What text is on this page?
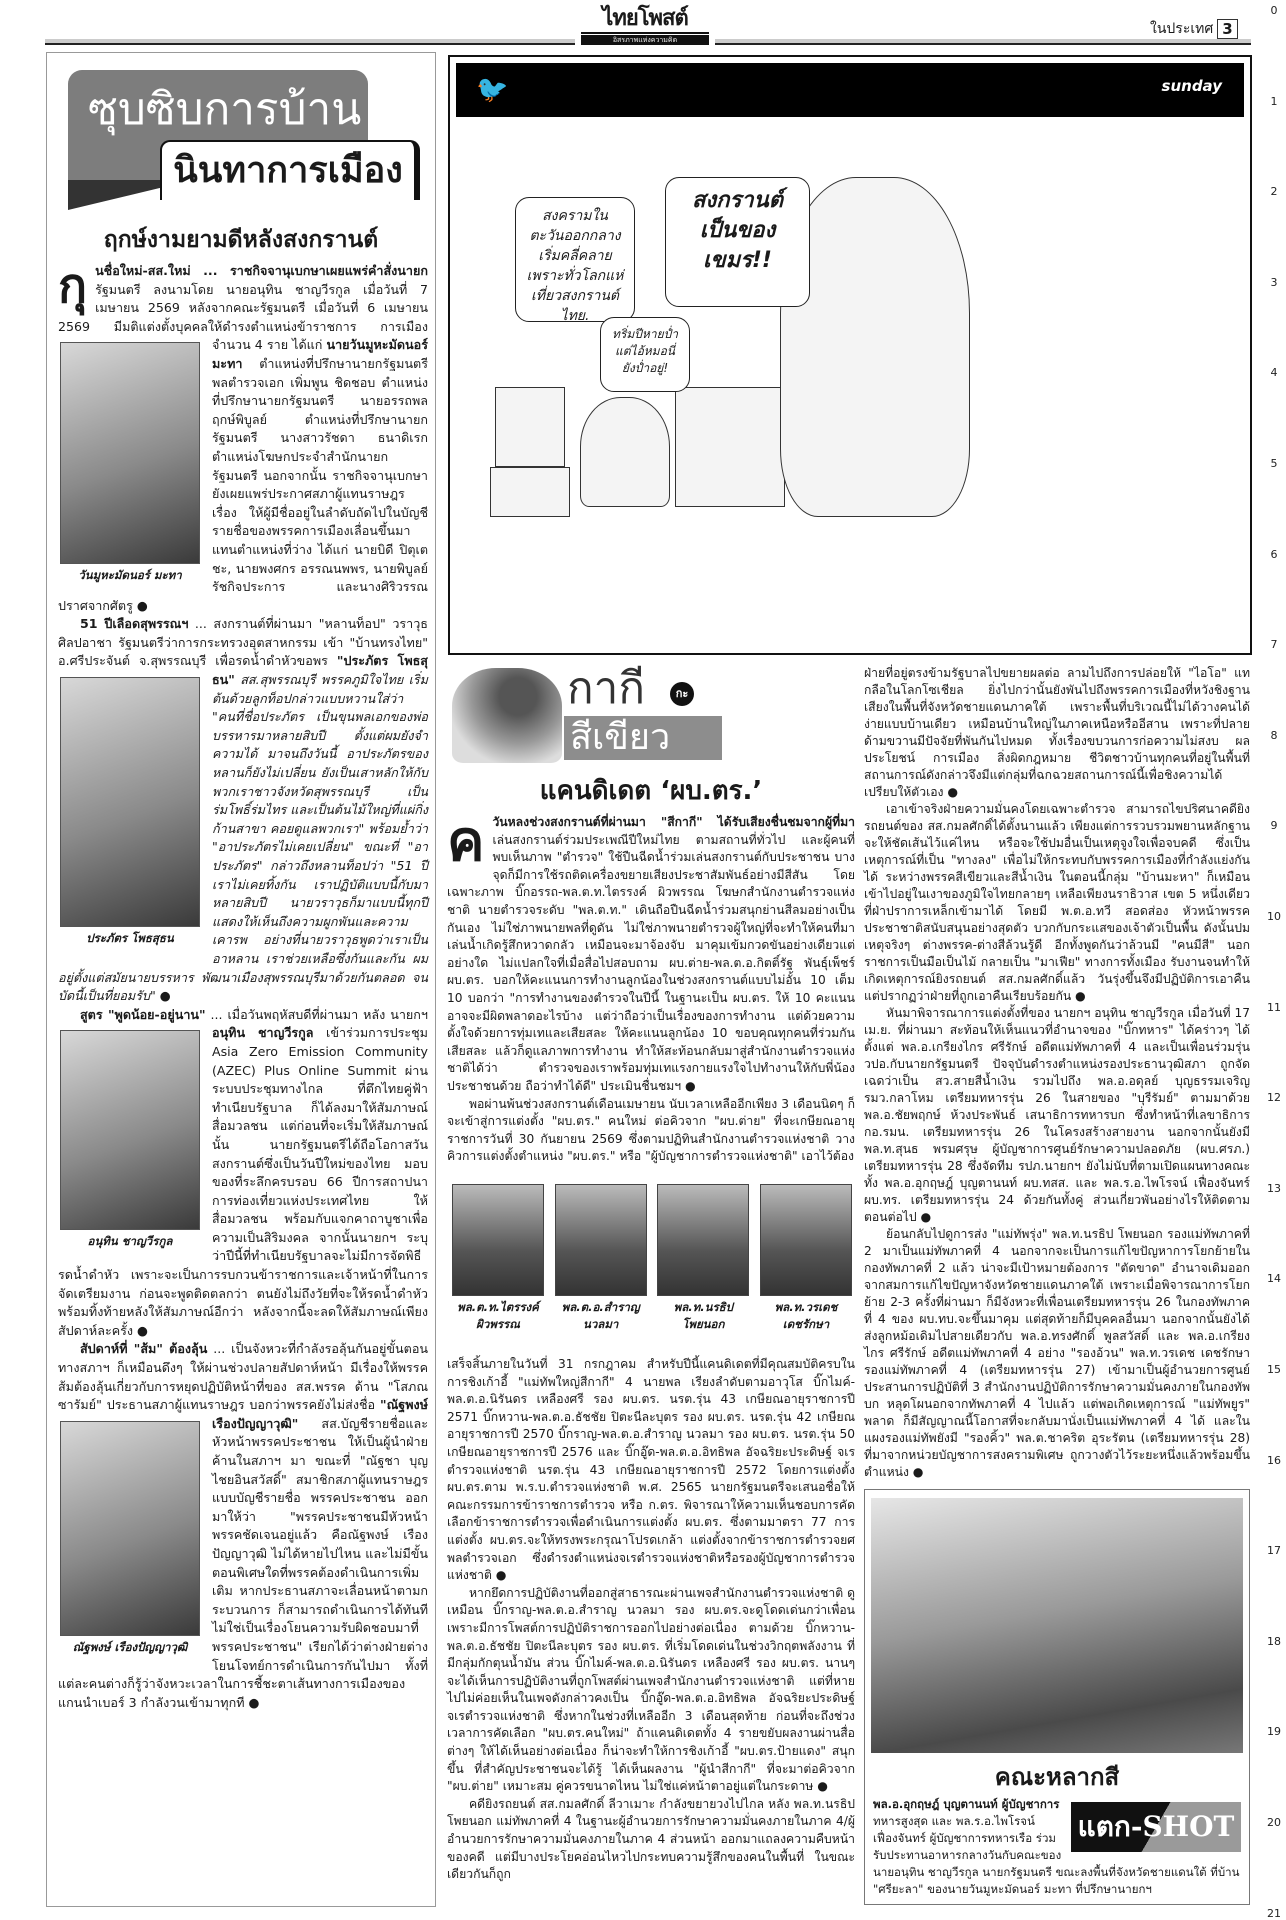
ไทยโพสต์
อิสรภาพแห่งความคิด
ในประเทศ 3
0
1
2
3
4
5
6
7
8
9
10
11
12
13
14
15
16
17
18
19
20
21
ซุบซิบการบ้าน
นินทาการเมือง
ฤกษ์งามยามดีหลังสงกรานต์

กุ นชื่อใหม่-สส.ใหม่ ... ราชกิจจานุเบกษาเผยแพร่คำสั่งนายก รัฐมนตรี ลงนามโดย นายอนุทิน ชาญวีรกูล เมื่อวันที่ 7 เมษายน 2569 หลังจากคณะรัฐมนตรี เมื่อวันที่ 6 เมษายน 2569 มีมติแต่งตั้งบุคคลให้ดำรงตำแหน่งข้าราชการ
วันมูหะมัดนอร์ มะทา
การเมือง จำนวน 4 ราย ได้แก่ นายวันมูหะมัดนอร์ มะทา ตำแหน่งที่ปรึกษานายกรัฐมนตรี พลตำรวจเอก เพิ่มพูน ชิดชอบ ตำแหน่งที่ปรึกษานายกรัฐมนตรี นายอรรถพล ฤกษ์พิบูลย์ ตำแหน่งที่ปรึกษานายกรัฐมนตรี นางสาวรัชดา ธนาดิเรก ตำแหน่งโฆษกประจำสำนักนายกรัฐมนตรี นอกจากนั้น ราชกิจจานุเบกษายังเผยแพร่ประกาศสภาผู้แทนราษฎร เรื่อง ให้ผู้มีชื่ออยู่ในลำดับถัดไปในบัญชีรายชื่อของพรรคการเมืองเลื่อนขึ้นมาแทนตำแหน่งที่ว่าง ได้แก่ นายบิดี ปิตุเตชะ, นายพงศกร อรรณนพพร, นายพิบูลย์ รัชกิจประการ และนางศิริวรรณ ปราศจากศัตรู ●

51 ปีเลือดสุพรรณฯ ... สงกรานต์ที่ผ่านมา "หลานท็อป" วราวุธ ศิลปอาชา รัฐมนตรีว่าการกระทรวงอุตสาหกรรม เข้า "บ้านทรงไทย" อ.ศรีประจันต์ จ.สุพรรณบุรี เพื่อรดน้ำดำหัวขอพร "ประภัตร โพธสุธน"
ประภัตร โพธสุธน
สส.สุพรรณบุรี พรรคภูมิใจไทย เริ่มต้นด้วยลูกท็อปกล่าวแบบหวานใส่ว่า "คนที่ชื่อประภัตร เป็นขุนพลเอกของพ่อบรรหารมาหลายสิบปี ตั้งแต่ผมยังจำความได้ มาจนถึงวันนี้ อาประภัตรของหลานก็ยังไม่เปลี่ยน ยังเป็นเสาหลักให้กับพวกเราชาวจังหวัดสุพรรณบุรี เป็นร่มโพธิ์ร่มไทร และเป็นต้นไม้ใหญ่ที่แผ่กิ่งก้านสาขา คอยดูแลพวกเรา" พร้อมย้ำว่า "อาประภัตรไม่เคยเปลี่ยน" ขณะที่ "อาประภัตร" กล่าวถึงหลานท็อปว่า "51 ปีเราไม่เคยทิ้งกัน เราปฏิบัติแบบนี้กับมาหลายสิบปี นายวราวุธก็มาแบบนี้ทุกปี แสดงให้เห็นถึงความผูกพันและความเคารพ อย่างที่นายวราวุธพูดว่าเราเป็นอาหลาน เราช่วยเหลือซึ่งกันและกัน ผมอยู่ตั้งแต่สมัยนายบรรหาร พัฒนาเมืองสุพรรณบุรีมาด้วยกันตลอด จนบัดนี้เป็นที่ยอมรับ" ●

สูตร "พูดน้อย-อยู่นาน" ... เมื่อวันพฤหัสบดีที่ผ่านมา หลัง นายกฯ อนุทิน ชาญวีรกูล
อนุทิน ชาญวีรกูล
เข้าร่วมการประชุม Asia Zero Emission Community (AZEC) Plus Online Summit ผ่านระบบประชุมทางไกล ที่ตึกไทยคู่ฟ้า ทำเนียบรัฐบาล ก็ได้ลงมาให้สัมภาษณ์สื่อมวลชน แต่ก่อนที่จะเริ่มให้สัมภาษณ์นั้น นายกรัฐมนตรีได้ถือโอกาสวันสงกรานต์ซึ่งเป็นวันปีใหม่ของไทย มอบของที่ระลึกครบรอบ 66 ปีการสถาปนาการท่องเที่ยวแห่งประเทศไทย ให้สื่อมวลชน พร้อมกับแจกคาถาบูชาเพื่อความเป็นสิริมงคล จากนั้นนายกฯ ระบุว่าปีนี้ที่ทำเนียบรัฐบาลจะไม่มีการจัดพิธีรดน้ำดำหัว เพราะจะเป็นการรบกวนข้าราชการและเจ้าหน้าที่ในการจัดเตรียมงาน ก่อนจะพูดติดตลกว่า ตนยังไม่ถึงวัยที่จะให้รดน้ำดำหัว พร้อมทิ้งท้ายหลังให้สัมภาษณ์อีกว่า หลังจากนี้จะลดให้สัมภาษณ์เพียงสัปดาห์ละครั้ง ●

สัปดาห์ที่ "ส้ม" ต้องลุ้น ... เป็นจังหวะที่กำลังรอลุ้นกันอยู่ขั้นตอนทางสภาฯ ก็เหมือนดึงๆ ให้ผ่านช่วงปลายสัปดาห์หน้า มีเรื่องให้พรรคส้มต้องลุ้นเกี่ยวกับการหยุดปฏิบัติหน้าที่ของ สส.พรรค ด้าน "โสภณ ซารัมย์" ประธานสภาผู้แทนราษฎร บอกว่าพรรคยังไม่ส่งชื่อ "ณัฐพงษ์ เรืองปัญญาวุฒิ"
ณัฐพงษ์ เรืองปัญญาวุฒิ
สส.บัญชีรายชื่อและหัวหน้าพรรคประชาชน ให้เป็นผู้นำฝ่ายค้านในสภาฯ มา ขณะที่ "ณัฐชา บุญไชยอินสวัสดิ์" สมาชิกสภาผู้แทนราษฎร แบบบัญชีรายชื่อ พรรคประชาชน ออกมาให้ว่า "พรรคประชาชนมีหัวหน้าพรรคชัดเจนอยู่แล้ว คือณัฐพงษ์ เรืองปัญญาวุฒิ ไม่ได้หายไปไหน และไม่มีขั้นตอนพิเศษใดที่พรรคต้องดำเนินการเพิ่มเติม หากประธานสภาจะเลื่อนหน้าตามกระบวนการ ก็สามารถดำเนินการได้ทันที ไม่ใช่เป็นเรื่องโยนความรับผิดชอบมาที่พรรคประชาชน" เรียกได้ว่าต่างฝ่ายต่างโยนโจทย์การดำเนินการกันไปมา ทั้งที่แต่ละคนต่างก็รู้ว่าจังหวะเวลาในการชี้ชะตาเส้นทางการเมืองของแกนนำเบอร์ 3 กำลังวนเข้ามาทุกที ●

🐦	sunday
สงครามในตะวันออกกลางเริ่มคลี่คลายเพราะทั่วโลกแห่เที่ยวสงกรานต์ไทย.
สงกรานต์เป็นของเขมร!!
ทริ่มปีหายป่ำแต่ไอ้หมอนี่ยังป่ำอยู่!
กากี	กะ
สีเขียว
แคนดิเดต ‘ผบ.ตร.’

ค วันหลงช่วงสงกรานต์ที่ผ่านมา "สีกากี" ได้รับเสียงชื่นชมจากผู้ที่มา เล่นสงกรานต์ร่วมประเพณีปีใหม่ไทย ตามสถานที่ทั่วไป และผู้คนที่พบเห็นภาพ "ตำรวจ" ใช้ปืนฉีดน้ำร่วมเล่นสงกรานต์กับประชาชน บางจุดก็มีการใช้รถติดเครื่องขยายเสียงประชาสัมพันธ์อย่างมีสีสัน โดยเฉพาะภาพ บิ๊กอรรถ-พล.ต.ท.ไตรรงค์ ผิวพรรณ โฆษกสำนักงานตำรวจแห่งชาติ นายตำรวจระดับ "พล.ต.ท." เดินถือปืนฉีดน้ำร่วมสนุกย่านสีลมอย่างเป็นกันเอง ไม่ใช่ภาพนายพลที่ดูดัน ไม่ใช่ภาพนายตำรวจผู้ใหญ่ที่จะทำให้คนที่มาเล่นน้ำเกิดรู้สึกหวาดกลัว เหมือนจะมาจ้องจับ มาคุมเข้มกวดขันอย่างเดียวแต่อย่างใด ไม่แปลกใจที่เมื่อสื่อไปสอบถาม ผบ.ต่าย-พล.ต.อ.กิตติ์รัฐ พันธุ์เพ็ชร์ ผบ.ตร. บอกให้คะแนนการทำงานลูกน้องในช่วงสงกรานต์แบบไม่อั้น 10 เต็ม 10 บอกว่า "การทำงานของตำรวจในปีนี้ ในฐานะเป็น ผบ.ตร. ให้ 10 คะแนน อาจจะมีผิดพลาดอะไรบ้าง แต่ว่าถือว่าเป็นเรื่องของการทำงาน แต่ด้วยความตั้งใจด้วยการทุ่มเทและเสียสละ ให้คะแนนลูกน้อง 10 ขอบคุณทุกคนที่ร่วมกันเสียสละ แล้วก็ดูแลภาพการทำงาน ทำให้สะท้อนกลับมาสู่สำนักงานตำรวจแห่งชาติได้ว่า ตำรวจของเราพร้อมทุ่มเทแรงกายแรงใจไปทำงานให้กับพี่น้องประชาชนด้วย ถือว่าทำได้ดี" ประเมินชื่นชมฯ ●

พอผ่านพ้นช่วงสงกรานต์เดือนเมษายน นับเวลาเหลืออีกเพียง 3 เดือนนิดๆ ก็จะเข้าสู่การแต่งตั้ง "ผบ.ตร." คนใหม่ ต่อคิวจาก "ผบ.ต่าย" ที่จะเกษียณอายุราชการวันที่ 30 กันยายน 2569 ซึ่งตามปฏิทินสำนักงานตำรวจแห่งชาติ วางคิวการแต่งตั้งตำแหน่ง "ผบ.ตร." หรือ "ผู้บัญชาการตำรวจแห่งชาติ" เอาไว้ต้อง

พล.ต.ท.ไตรรงค์
ผิวพรรณ
พล.ต.อ.สำราญ
นวลมา
พล.ท.นรธิป
โพยนอก
พล.ท.วรเดช
เดชรักษา

เสร็จสิ้นภายในวันที่ 31 กรกฎาคม สำหรับปีนี้แคนดิเดตที่มีคุณสมบัติครบในการชิงเก้าอี้ "แม่ทัพใหญ่สีกากี" 4 นายพล เรียงลำดับตามอาวุโส บิ๊กไมค์-พล.ต.อ.นิรันดร เหลืองศรี รอง ผบ.ตร. นรต.รุ่น 43 เกษียณอายุราชการปี 2571 บิ๊กหวาน-พล.ต.อ.ธัชชัย ปิตะนีละบุตร รอง ผบ.ตร. นรต.รุ่น 42 เกษียณอายุราชการปี 2570 บิ๊กราญ-พล.ต.อ.สำราญ นวลมา รอง ผบ.ตร. นรต.รุ่น 50 เกษียณอายุราชการปี 2576 และ บิ๊กอู๊ด-พล.ต.อ.อิทธิพล อัจฉริยะประดิษฐ์ จเรตำรวจแห่งชาติ นรต.รุ่น 43 เกษียณอายุราชการปี 2572 โดยการแต่งตั้ง ผบ.ตร.ตาม พ.ร.บ.ตำรวจแห่งชาติ พ.ศ. 2565 นายกรัฐมนตรีจะเสนอชื่อให้คณะกรรมการข้าราชการตำรวจ หรือ ก.ตร. พิจารณาให้ความเห็นชอบการคัดเลือกข้าราชการตำรวจเพื่อดำเนินการแต่งตั้ง ผบ.ตร. ซึ่งตามมาตรา 77 การแต่งตั้ง ผบ.ตร.จะให้ทรงพระกรุณาโปรดเกล้า แต่งตั้งจากข้าราชการตำรวจยศพลตำรวจเอก ซึ่งดำรงตำแหน่งจเรตำรวจแห่งชาติหรือรองผู้บัญชาการตำรวจแห่งชาติ ●

หากยึดการปฏิบัติงานที่ออกสู่สาธารณะผ่านเพจสำนักงานตำรวจแห่งชาติ ดูเหมือน บิ๊กราญ-พล.ต.อ.สำราญ นวลมา รอง ผบ.ตร.จะดูโดดเด่นกว่าเพื่อน เพราะมีการโพสต์การปฏิบัติราชการออกไปอย่างต่อเนื่อง ตามด้วย บิ๊กหวาน-พล.ต.อ.ธัชชัย ปิตะนีละบุตร รอง ผบ.ตร. ที่เริ่มโดดเด่นในช่วงวิกฤตพลังงาน ที่มีกลุ่มกักตุนน้ำมัน ส่วน บิ๊กไมค์-พล.ต.อ.นิรันดร เหลืองศรี รอง ผบ.ตร. นานๆ จะได้เห็นการปฏิบัติงานที่ถูกโพสต์ผ่านเพจสำนักงานตำรวจแห่งชาติ แต่ที่หายไปไม่ค่อยเห็นในเพจดังกล่าวคงเป็น บิ๊กอู๊ด-พล.ต.อ.อิทธิพล อัจฉริยะประดิษฐ์ จเรตำรวจแห่งชาติ ซึ่งหากในช่วงที่เหลืออีก 3 เดือนสุดท้าย ก่อนที่จะถึงช่วงเวลาการคัดเลือก "ผบ.ตร.คนใหม่" ถ้าแคนดิเดตทั้ง 4 รายขยับผลงานผ่านสื่อต่างๆ ให้ได้เห็นอย่างต่อเนื่อง ก็น่าจะทำให้การชิงเก้าอี้ "ผบ.ตร.ป้ายแดง" สนุกขึ้น ที่สำคัญประชาชนจะได้รู้ ได้เห็นผลงาน "ผู้นำสีกากี" ที่จะมาต่อคิวจาก "ผบ.ต่าย" เหมาะสม คู่ควรขนาดไหน ไม่ใช่แค่หน้าตาอยู่แต่ในกระดาษ ●

คดียิงรถยนต์ สส.กมลศักดิ์ ลีวาเมาะ กำลังขยายวงไปไกล หลัง พล.ท.นรธิป โพยนอก แม่ทัพภาคที่ 4 ในฐานะผู้อำนวยการรักษาความมั่นคงภายในภาค 4/ผู้อำนวยการรักษาความมั่นคงภายในภาค 4 ส่วนหน้า ออกมาแถลงความคืบหน้าของคดี แต่มีบางประโยคอ่อนไหวไปกระทบความรู้สึกของคนในพื้นที่ ในขณะเดียวกันก็ถูก

ฝ่ายที่อยู่ตรงข้ามรัฐบาลไปขยายผลต่อ ลามไปถึงการปล่อยให้ "ไอโอ" แทกลือในโลกโซเชียล ยิ่งไปกว่านั้นยังพันไปถึงพรรคการเมืองที่หวังชิงฐานเสียงในพื้นที่จังหวัดชายแดนภาคใต้ เพราะพื้นที่บริเวณนี้ไม่ได้วางคนได้ง่ายแบบบ้านเดียว เหมือนบ้านใหญ่ในภาคเหนือหรืออีสาน เพราะที่ปลายด้ามขวานมีปัจจัยที่พันกันไปหมด ทั้งเรื่องขบวนการก่อความไม่สงบ ผลประโยชน์ การเมือง สิ่งผิดกฎหมาย ชีวิตชาวบ้านทุกคนที่อยู่ในพื้นที่ สถานการณ์ดังกล่าวจึงมีแต่กลุ่มที่ฉกฉวยสถานการณ์นี้เพื่อชิงความได้เปรียบให้ตัวเอง ●

เอาเข้าจริงฝ่ายความมั่นคงโดยเฉพาะตำรวจ สามารถไขปริศนาคดียิงรถยนต์ของ สส.กมลศักดิ์ได้ตั้งนานแล้ว เพียงแต่การรวบรวมพยานหลักฐาน จะให้ชัดเส้นไว้แค่ไหน หรือจะใช้ปมอื่นเป็นเหตุจูงใจเพื่อจบคดี ซึ่งเป็นเหตุการณ์ที่เป็น "ทางลง" เพื่อไม่ให้กระทบกับพรรคการเมืองที่กำลังแย่งกันได้ ระหว่างพรรคสีเขียวและสีน้ำเงิน ในตอนนี้กลุ่ม "บ้านมะหา" ก็เหมือนเข้าไปอยู่ในเงาของภูมิใจไทยกลายๆ เหลือเพียงนราธิวาส เขต 5 หนึ่งเดียวที่ฝ่าปราการเหล็กเข้ามาได้ โดยมี พ.ต.อ.ทวี สอดส่อง หัวหน้าพรรคประชาชาติสนับสนุนอย่างสุดตัว บวกกับกระแสของเจ้าตัวเป็นพื้น ดังนั้นปมเหตุจริงๆ ต่างพรรค-ต่างสีล้วนรู้ดี อีกทั้งพูดกันว่าล้วนมี "คนมีสี" นอกราชการเป็นมือเป็นไม้ กลายเป็น "มาเฟีย" ทางการทั้งเมือง รับงานจนทำให้เกิดเหตุการณ์ยิงรถยนต์ สส.กมลศักดิ์แล้ว วันรุ่งขึ้นจึงมีปฏิบัติการเอาคืน แต่ปรากฏว่าฝ่ายที่ถูกเอาคืนเรียบร้อยกัน ●

หันมาพิจารณาการแต่งตั้งที่ของ นายกฯ อนุทิน ชาญวีรกูล เมื่อวันที่ 17 เม.ย. ที่ผ่านมา สะท้อนให้เห็นแนวที่อำนาจของ "บิ๊กทหาร" ได้คร่าวๆ ได้ตั้งแต่ พล.อ.เกรียงไกร ศรีรักษ์ อดีตแม่ทัพภาคที่ 4 และเป็นเพื่อนร่วมรุ่น วปอ.กับนายกรัฐมนตรี ปัจจุบันดำรงตำแหน่งรองประธานวุฒิสภา ถูกจัดเฉดว่าเป็น สว.สายสีน้ำเงิน รวมไปถึง พล.อ.อดุลย์ บุญธรรมเจริญ รมว.กลาโหม เตรียมทหารรุ่น 26 ในสายของ "บุรีรัมย์" ตามมาด้วย พล.อ.ชัยพฤกษ์ ห้วงประพันธ์ เสนาธิการทหารบก ซึ่งทำหน้าที่เลขาธิการ กอ.รมน. เตรียมทหารรุ่น 26 ในโครงสร้างสายงาน นอกจากนั้นยังมี พล.ท.สุนธ พรมศรุษ ผู้บัญชาการศูนย์รักษาความปลอดภัย (ผบ.ศรภ.) เตรียมทหารรุ่น 28 ซึ่งจัดทีม รปภ.นายกฯ ยังไม่นับที่ตามเปิดแผนทางคณะทั้ง พล.อ.อุกฤษฎ์ บุญตานนท์ ผบ.ทสส. และ พล.ร.อ.ไพโรจน์ เฟื่องจันทร์ ผบ.ทร. เตรียมทหารรุ่น 24 ด้วยกันทั้งคู่ ส่วนเกี่ยวพันอย่างไรให้ติดตามตอนต่อไป ●

ย้อนกลับไปดูการส่ง "แม่ทัพรุ่ง" พล.ท.นรธิป โพยนอก รองแม่ทัพภาคที่ 2 มาเป็นแม่ทัพภาคที่ 4 นอกจากจะเป็นการแก้ไขปัญหาการโยกย้ายในกองทัพภาคที่ 2 แล้ว น่าจะมีเป้าหมายต้องการ "ตัดขาด" อำนาจเดิมออกจากสมการแก้ไขปัญหาจังหวัดชายแดนภาคใต้ เพราะเมื่อพิจารณาการโยกย้าย 2-3 ครั้งที่ผ่านมา ก็มีจังหวะที่เพื่อนเตรียมทหารรุ่น 26 ในกองทัพภาคที่ 4 ของ ผบ.ทบ.จะขึ้นมาคุม แต่สุดท้ายก็มีบุคคลอื่นมา นอกจากนั้นยังได้ส่งลูกหม้อเดิมไปสายเดียวกับ พล.อ.ทรงศักดิ์ พูลสวัสดิ์ และ พล.อ.เกรียงไกร ศรีรักษ์ อดีตแม่ทัพภาคที่ 4 อย่าง "รองอ้วน" พล.ท.วรเดช เดชรักษา รองแม่ทัพภาคที่ 4 (เตรียมทหารรุ่น 27) เข้ามาเป็นผู้อำนวยการศูนย์ประสานการปฏิบัติที่ 3 สำนักงานปฏิบัติการรักษาความมั่นคงภายในกองทัพบก หลุดโผนอกจากทัพภาคที่ 4 ไปแล้ว แต่พอเกิดเหตุการณ์ "แม่ทัพยูร" พลาด ก็มีสัญญาณนี้โอกาสที่จะกลับมานั่งเป็นแม่ทัพภาคที่ 4 ได้ และในแผงรองแม่ทัพยังมี "รองคิ้ว" พล.ต.ชาคริต อุระรัตน (เตรียมทหารรุ่น 28) ที่มาจากหน่วยบัญชาการสงครามพิเศษ ถูกวางตัวไว้ระยะหนึ่งแล้วพร้อมขึ้นตำแหน่ง ●

คณะหลากสี
แตก-SHOT
พล.อ.อุกฤษฎ์ บุญตานนท์ ผู้บัญชาการ ทหารสูงสุด และ พล.ร.อ.ไพโรจน์ เฟื่องจันทร์ ผู้บัญชาการทหารเรือ ร่วมรับประทานอาหารกลางวันกับคณะของ นายอนุทิน ชาญวีรกูล นายกรัฐมนตรี ขณะลงพื้นที่จังหวัดชายแดนใต้ ที่บ้าน "ศรียะลา" ของนายวันมูหะมัดนอร์ มะทา ที่ปรึกษานายกฯ
